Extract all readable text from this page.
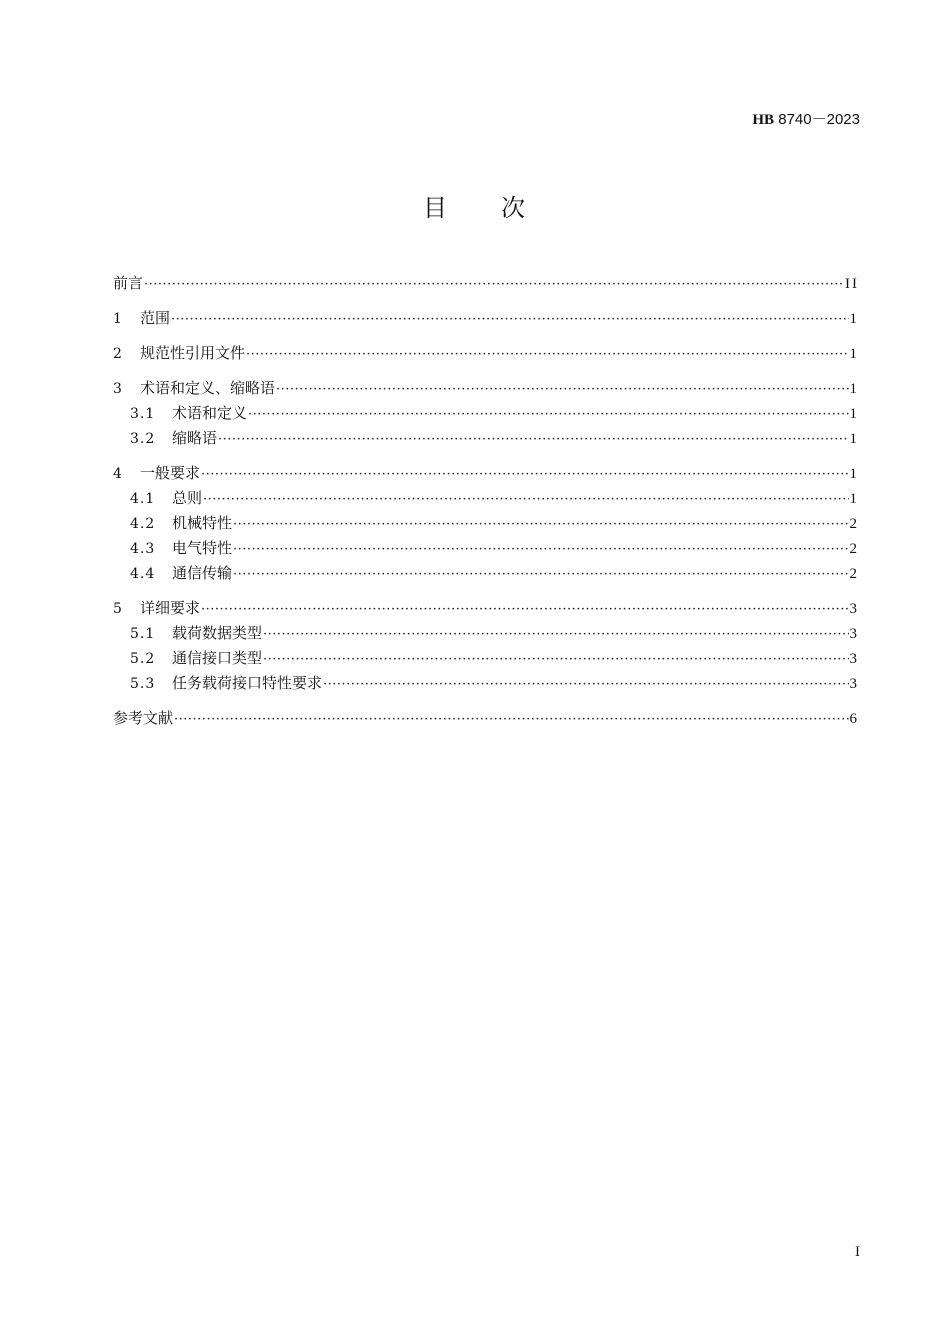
HB 8740－2023
目　　次
前言 ·····	II
1	范围 ·····	1
2	规范性引用文件 ·····	1
3	术语和定义、缩略语 ·····	1
3.1	术语和定义 ·····	1
3.2	缩略语 ·····	1
4	一般要求 ·····	1
4.1	总则 ·····	1
4.2	机械特性 ·····	2
4.3	电气特性 ·····	2
4.4	通信传输 ·····	2
5	详细要求 ·····	3
5.1	载荷数据类型 ·····	3
5.2	通信接口类型 ·····	3
5.3	任务载荷接口特性要求 ·····	3
参考文献 ·····	6
I
